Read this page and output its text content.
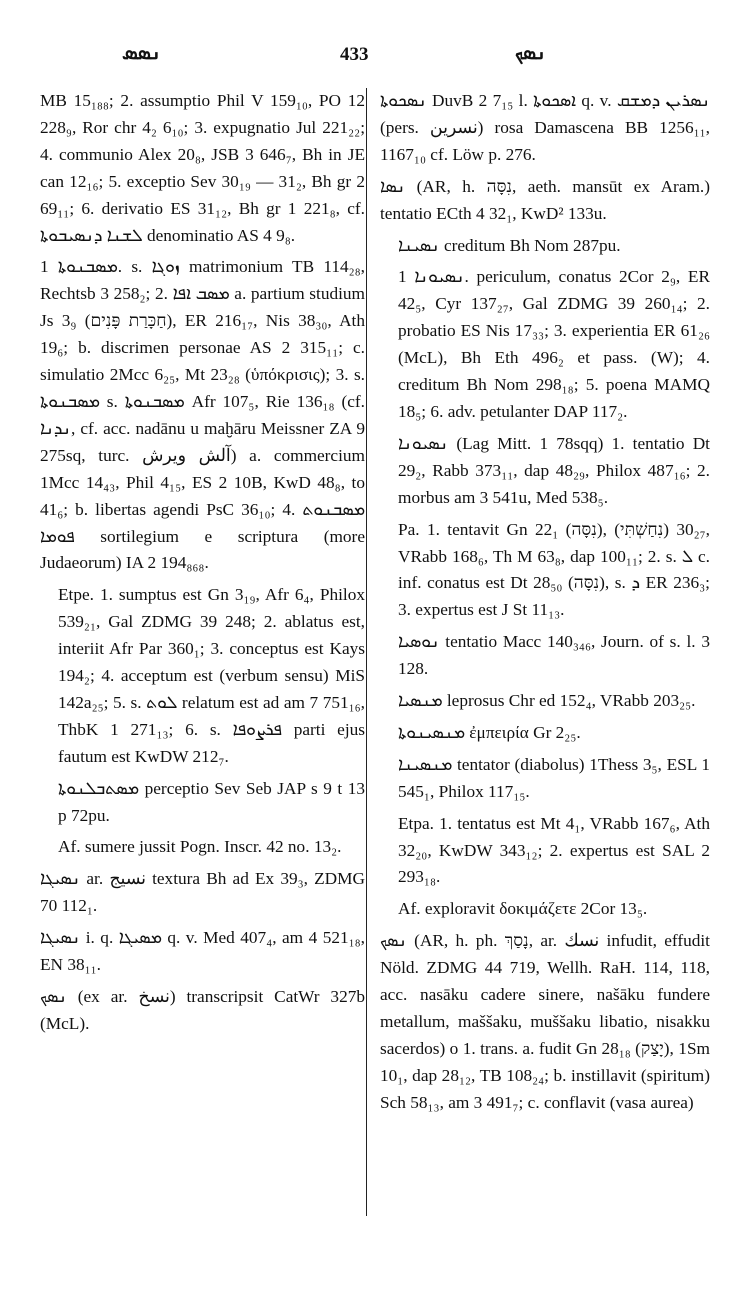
ܢܣܣ	433	ܢܣܟ

MB 15₁₈₈; 2. assumptio Phil V 159₁₀, PO 12 228₉, Ror chr 4₂ 6₁₀; 3. expugnatio Jul 221₂₂; 4. communio Alex 20₈, JSB 3 646₇, Bh in JE can 12₁₆; 5. exceptio Sev 30₁₉ — 31₂, Bh gr 2 69₁₁; 6. derivatio ES 31₁₂, Bh gr 1 221₈, cf. ܠܫܢܐ ܕܢܣܝܒܘܬܐ denominatio AS 4 9₈.

ܡܣܒܢܘܬܐ 1. s. ܙܘܓܐ matrimonium TB 114₂₈, Rechtsb 3 258₂; 2. ܡܣܒ ܐܦܐ a. partium studium Js 3₉ (חַכָּרַת פָּנִים), ER 216₁₇, Nis 38₃₀, Ath 19₆; b. discrimen personae AS 2 315₁₁; c. simulatio 2Mcc 6₂₅, Mt 23₂₈ (ὑπόκρισις); 3. s. ܡܣܒܢܘܬܐ s. ܡܣܒܢܘܬܐ Afr 107₅, Rie 136₁₈ (cf. ܢܕܢܐ, cf. acc. nadānu u maḫāru Meissner ZA 9 275sq, turc. آلش ويرش) a. commercium 1Mcc 14₄₃, Phil 4₁₅, ES 2 10B, KwD 48₈, to 41₆; b. libertas agendi PsC 36₁₀; 4. ܡܣܒܢܘܬ ܦܘܡܐ sortilegium e scriptura (more Judaeorum) IA 2 194₈₆₈.

Etpe. 1. sumptus est Gn 3₁₉, Afr 6₄, Philox 539₂₁, Gal ZDMG 39 248; 2. ablatus est, interiit Afr Par 360₁; 3. conceptus est Kays 194₂; 4. acceptum est (verbum sensu) MiS 142a₂₅; 5. s. ܠܘܬ relatum est ad am 7 751₁₆, ThbK 1 271₁₃; 6. s. ܦܪܨܘܦܐ parti ejus fautum est KwDW 212₇.

ܡܣܬܒܠܢܘܬܐ perceptio Sev Seb JAP s 9 t 13 p 72pu.

Af. sumere jussit Pogn. Inscr. 42 no. 13₂.

ܢܣܝܓܐ ar. نسيج textura Bh ad Ex 39₃, ZDMG 70 112₁.

ܢܣܝܓܐ i. q. ܡܣܝܓܐ q. v. Med 407₄, am 4 521₁₈, EN 38₁₁.

ܢܣܟ (ex ar. نسخ) transcripsit CatWr 327b (McL).

ܢܣܟܘܬܐ DuvB 2 7₁₅ l. ܐܣܟܘܬܐ q. v. ܢܣܪܝܢ ܕܡܫܩ (pers. نسرين) rosa Damascena BB 1256₁₁, 1167₁₀ cf. Löw p. 276.

ܢܣܐ (AR, h. נִסָּה, aeth. mansūt ex Aram.) tentatio ECth 4 32₁, KwD² 133u.

ܢܣܝܢܐ creditum Bh Nom 287pu.

ܢܣܝܘܢܐ 1. periculum, conatus 2Cor 2₉, ER 42₅, Cyr 137₂₇, Gal ZDMG 39 260₁₄; 2. probatio ES Nis 17₃₃; 3. experientia ER 61₂₆ (McL), Bh Eth 496₂ et pass. (W); 4. creditum Bh Nom 298₁₈; 5. poena MAMQ 18₅; 6. adv. petulanter DAP 117₂.

ܢܣܝܘܢܐ (Lag Mitt. 1 78sqq) 1. tentatio Dt 29₂, Rabb 373₁₁, dap 48₂₉, Philox 487₁₆; 2. morbus am 3 541u, Med 538₅.

Pa. 1. tentavit Gn 22₁ (נִסָּה), 30₂₇ (נִחַשְׁתִּי), VRabb 168₆, Th M 63₈, dap 100₁₁; 2. s. ܠ c. inf. conatus est Dt 28₅₀ (נִסָּה), s. ܕ ER 236₃; 3. expertus est J St 11₁₃.

ܢܘܣܝܐ tentatio Macc 140₃₄₆, Journ. of s. l. 3 128.

ܡܢܣܝܐ leprosus Chr ed 152₄, VRabb 203₂₅.

ܡܢܣܝܢܘܬܐ ἐμπειρία Gr 2₂₅.

ܡܢܣܝܢܐ tentator (diabolus) 1Thess 3₅, ESL 1 545₁, Philox 117₁₅.

Etpa. 1. tentatus est Mt 4₁, VRabb 167₆, Ath 32₂₀, KwDW 343₁₂; 2. expertus est SAL 2 293₁₈.

Af. exploravit δοκιμάζετε 2Cor 13₅.

ܢܣܟ (AR, h. ph. נָסַךְ, ar. نسك infudit, effudit Nöld. ZDMG 44 719, Wellh. RaH. 114, 118, acc. nasāku cadere sinere, našāku fundere metallum, maššaku, muššaku libatio, nisakku sacerdos) o 1. trans. a. fudit Gn 28₁₈ (יָצַק), 1Sm 10₁, dap 28₁₂, TB 108₂₄; b. instillavit (spiritum) Sch 58₁₃, am 3 491₇; c. conflavit (vasa aurea)
